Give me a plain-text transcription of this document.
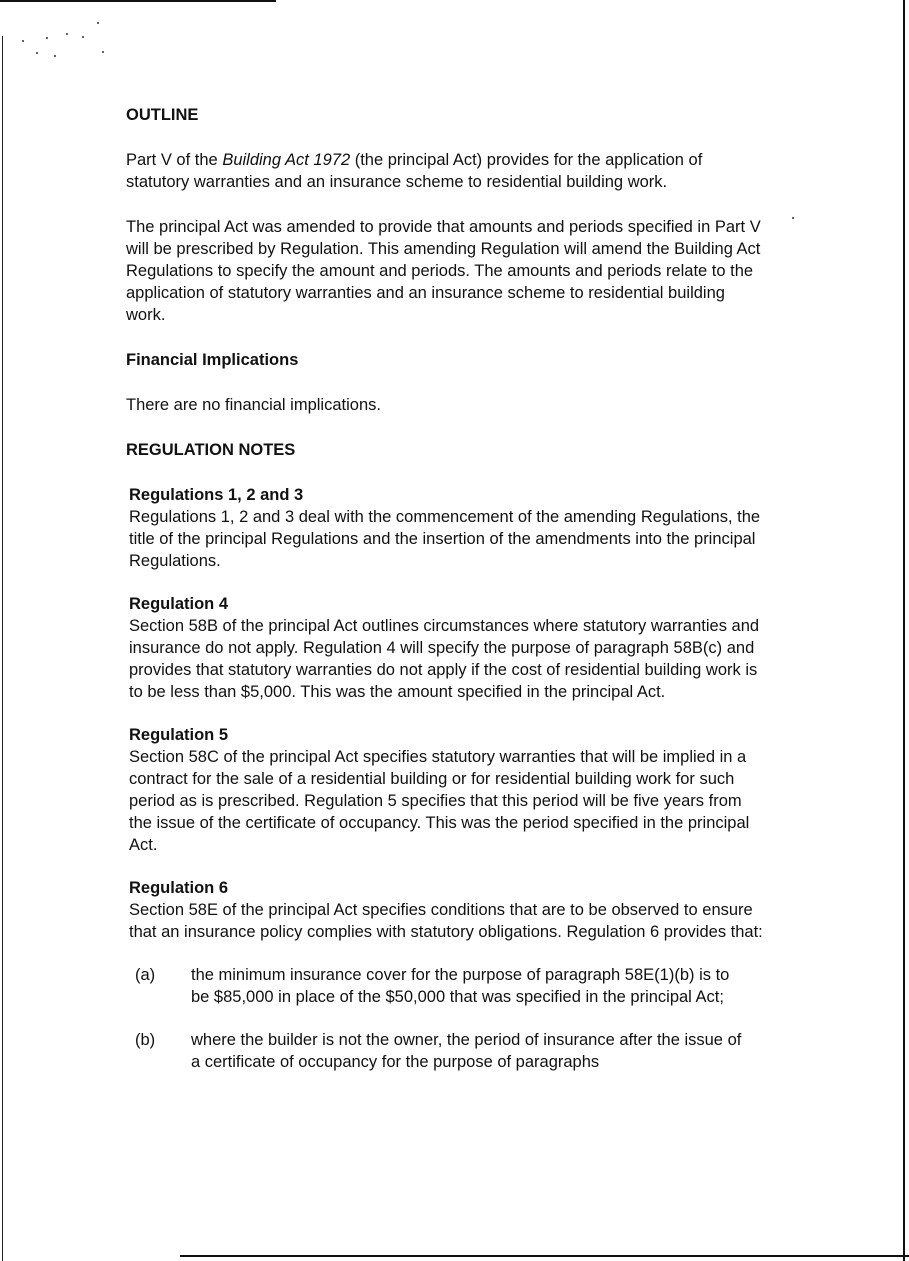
OUTLINE

Part V of the Building Act 1972 (the principal Act) provides for the application of statutory warranties and an insurance scheme to residential building work.

The principal Act was amended to provide that amounts and periods specified in Part V will be prescribed by Regulation. This amending Regulation will amend the Building Act Regulations to specify the amount and periods. The amounts and periods relate to the application of statutory warranties and an insurance scheme to residential building work.

Financial Implications

There are no financial implications.

REGULATION NOTES

Regulations 1, 2 and 3

Regulations 1, 2 and 3 deal with the commencement of the amending Regulations, the title of the principal Regulations and the insertion of the amendments into the principal Regulations.

Regulation 4

Section 58B of the principal Act outlines circumstances where statutory warranties and insurance do not apply. Regulation 4 will specify the purpose of paragraph 58B(c) and provides that statutory warranties do not apply if the cost of residential building work is to be less than $5,000. This was the amount specified in the principal Act.

Regulation 5

Section 58C of the principal Act specifies statutory warranties that will be implied in a contract for the sale of a residential building or for residential building work for such period as is prescribed. Regulation 5 specifies that this period will be five years from the issue of the certificate of occupancy. This was the period specified in the principal Act.

Regulation 6

Section 58E of the principal Act specifies conditions that are to be observed to ensure that an insurance policy complies with statutory obligations. Regulation 6 provides that:

(a)	the minimum insurance cover for the purpose of paragraph 58E(1)(b) is to be $85,000 in place of the $50,000 that was specified in the principal Act;
(b)	where the builder is not the owner, the period of insurance after the issue of a certificate of occupancy for the purpose of paragraphs
